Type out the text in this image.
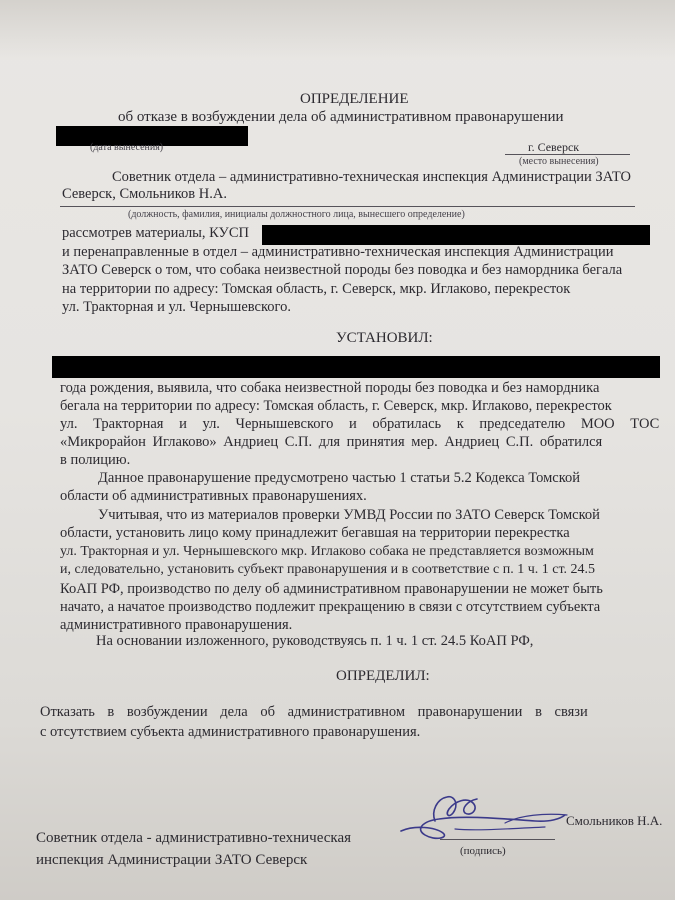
ОПРЕДЕЛЕНИЕ
об отказе в возбуждении дела об административном правонарушении
(дата вынесения)	г. Северск
(место вынесения)
Советник отдела – административно-техническая инспекция Администрации ЗАТО
Северск, Смольников Н.А.
(должность, фамилия, инициалы должностного лица, вынесшего определение)
рассмотрев материалы, КУСП
и перенаправленные в отдел – административно-техническая инспекция Администрации
ЗАТО Северск о том, что собака неизвестной породы без поводка и без намордника бегала
на территории по адресу: Томская область, г. Северск, мкр. Иглаково, перекресток
ул. Тракторная и ул. Чернышевского.
УСТАНОВИЛ:
года рождения, выявила, что собака неизвестной породы без поводка и без намордника
бегала на территории по адресу: Томская область, г. Северск, мкр. Иглаково, перекресток
ул. Тракторная и ул. Чернышевского и обратилась к председателю МОО ТОС
«Микрорайон Иглаково» Андриец С.П. для принятия мер. Андриец С.П. обратился
в полицию.
Данное правонарушение предусмотрено частью 1 статьи 5.2 Кодекса Томской
области об административных правонарушениях.
Учитывая, что из материалов проверки УМВД России по ЗАТО Северск Томской
области, установить лицо кому принадлежит бегавшая на территории перекрестка
ул. Тракторная и ул. Чернышевского мкр. Иглаково собака не представляется возможным
и, следовательно, установить субъект правонарушения и в соответствие с п. 1 ч. 1 ст. 24.5
КоАП РФ, производство по делу об административном правонарушении не может быть
начато, а начатое производство подлежит прекращению в связи с отсутствием субъекта
административного правонарушения.
На основании изложенного, руководствуясь п. 1 ч. 1 ст. 24.5 КоАП РФ,
ОПРЕДЕЛИЛ:
Отказать в возбуждении дела об административном правонарушении в связи
с отсутствием субъекта административного правонарушения.
Советник отдела - административно-техническая
инспекция Администрации ЗАТО Северск
Смольников Н.А.
(подпись)
